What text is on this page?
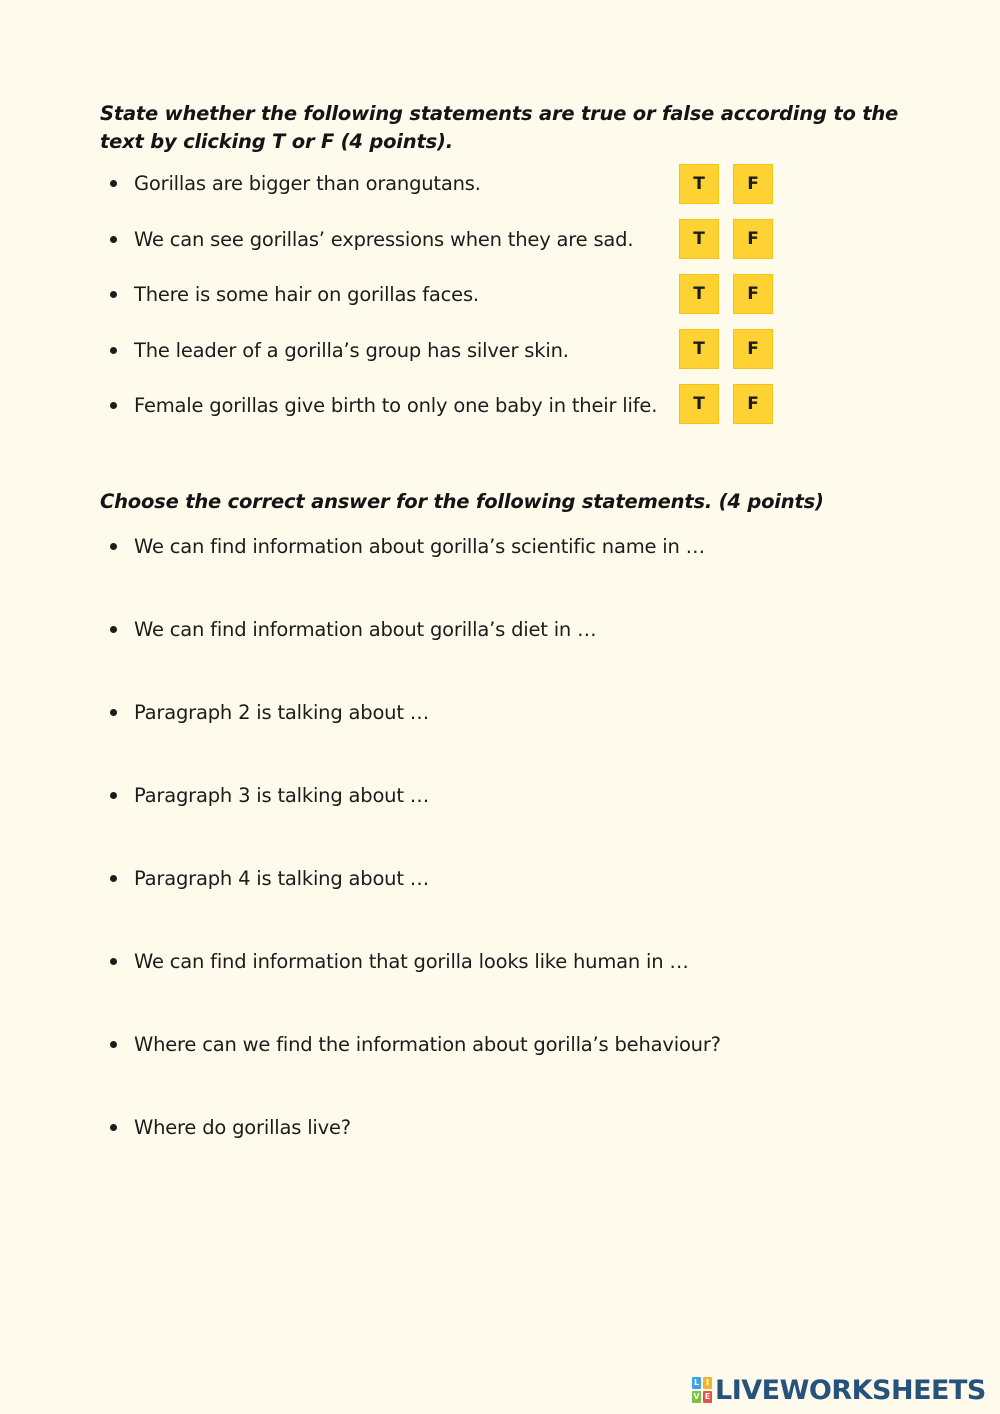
State whether the following statements are true or false according to the text by clicking T or F (4 points).
Gorillas are bigger than orangutans.	T	F
We can see gorillas’ expressions when they are sad.	T	F
There is some hair on gorillas faces.	T	F
The leader of a gorilla’s group has silver skin.	T	F
Female gorillas give birth to only one baby in their life.	T	F
Choose the correct answer for the following statements. (4 points)
We can find information about gorilla’s scientific name in …
We can find information about gorilla’s diet in …
Paragraph 2 is talking about …
Paragraph 3 is talking about …
Paragraph 4 is talking about …
We can find information that gorilla looks like human in …
Where can we find the information about gorilla’s behaviour?
Where do gorillas live?
L I
V E LIVEWORKSHEETS
